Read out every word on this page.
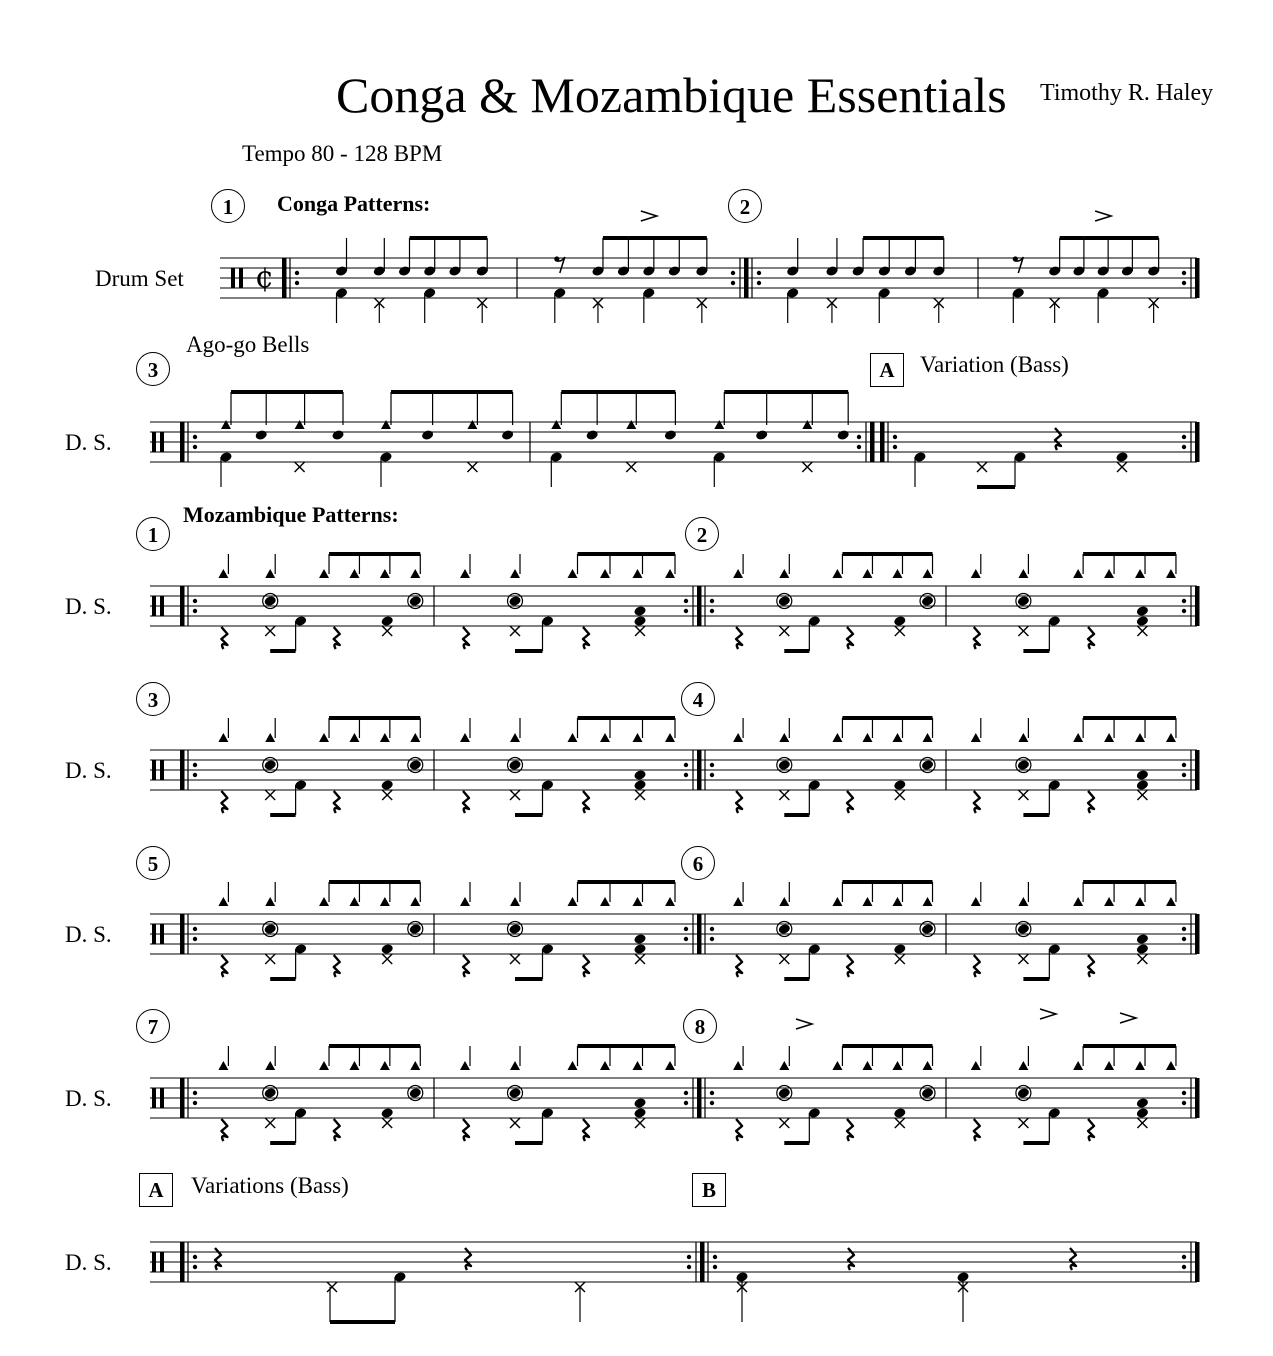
Conga & Mozambique Essentials Timothy R. Haley
Tempo 80 - 128 BPM
1	Conga Patterns:	2
Drum Set
3
Ago-go Bells
A	Variation (Bass)
D. S.
1
Mozambique Patterns:
2
D. S.
3	4
D. S.
5	6
D. S.
7	8
D. S.
A	Variations (Bass)	B
D. S.
¢
